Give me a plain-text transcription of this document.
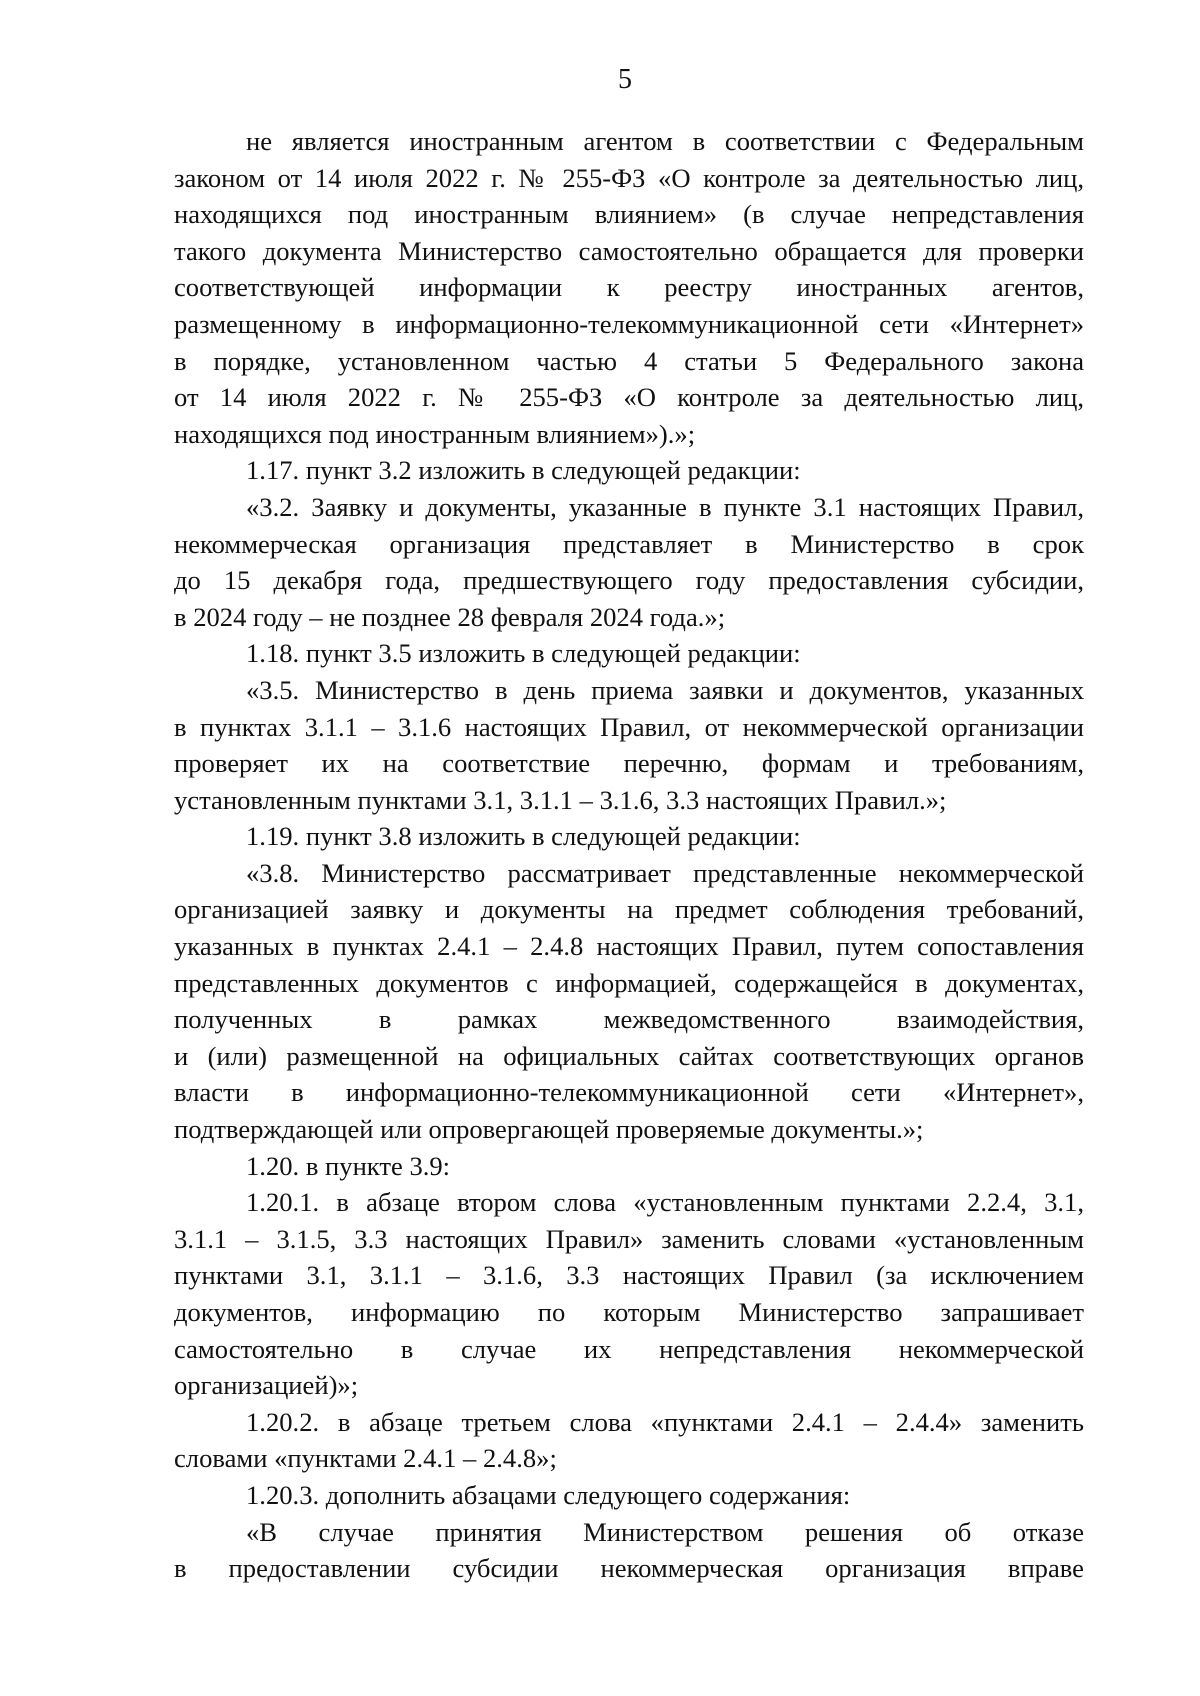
5
не является иностранным агентом в соответствии с Федеральным
законом от 14 июля 2022 г. № 255-ФЗ «О контроле за деятельностью лиц,
находящихся под иностранным влиянием» (в случае непредставления
такого документа Министерство самостоятельно обращается для проверки
соответствующей информации к реестру иностранных агентов,
размещенному в информационно-телекоммуникационной сети «Интернет»
в порядке, установленном частью 4 статьи 5 Федерального закона
от 14 июля 2022 г. № 255-ФЗ «О контроле за деятельностью лиц,
находящихся под иностранным влиянием»).»;
1.17. пункт 3.2 изложить в следующей редакции:
«3.2. Заявку и документы, указанные в пункте 3.1 настоящих Правил,
некоммерческая организация представляет в Министерство в срок
до 15 декабря года, предшествующего году предоставления субсидии,
в 2024 году – не позднее 28 февраля 2024 года.»;
1.18. пункт 3.5 изложить в следующей редакции:
«3.5. Министерство в день приема заявки и документов, указанных
в пунктах 3.1.1 – 3.1.6 настоящих Правил, от некоммерческой организации
проверяет их на соответствие перечню, формам и требованиям,
установленным пунктами 3.1, 3.1.1 – 3.1.6, 3.3 настоящих Правил.»;
1.19. пункт 3.8 изложить в следующей редакции:
«3.8. Министерство рассматривает представленные некоммерческой
организацией заявку и документы на предмет соблюдения требований,
указанных в пунктах 2.4.1 – 2.4.8 настоящих Правил, путем сопоставления
представленных документов с информацией, содержащейся в документах,
полученных в рамках межведомственного взаимодействия,
и (или) размещенной на официальных сайтах соответствующих органов
власти в информационно-телекоммуникационной сети «Интернет»,
подтверждающей или опровергающей проверяемые документы.»;
1.20. в пункте 3.9:
1.20.1. в абзаце втором слова «установленным пунктами 2.2.4, 3.1,
3.1.1 – 3.1.5, 3.3 настоящих Правил» заменить словами «установленным
пунктами 3.1, 3.1.1 – 3.1.6, 3.3 настоящих Правил (за исключением
документов, информацию по которым Министерство запрашивает
самостоятельно в случае их непредставления некоммерческой
организацией)»;
1.20.2. в абзаце третьем слова «пунктами 2.4.1 – 2.4.4» заменить
словами «пунктами 2.4.1 – 2.4.8»;
1.20.3. дополнить абзацами следующего содержания:
«В случае принятия Министерством решения об отказе
в предоставлении субсидии некоммерческая организация вправе
